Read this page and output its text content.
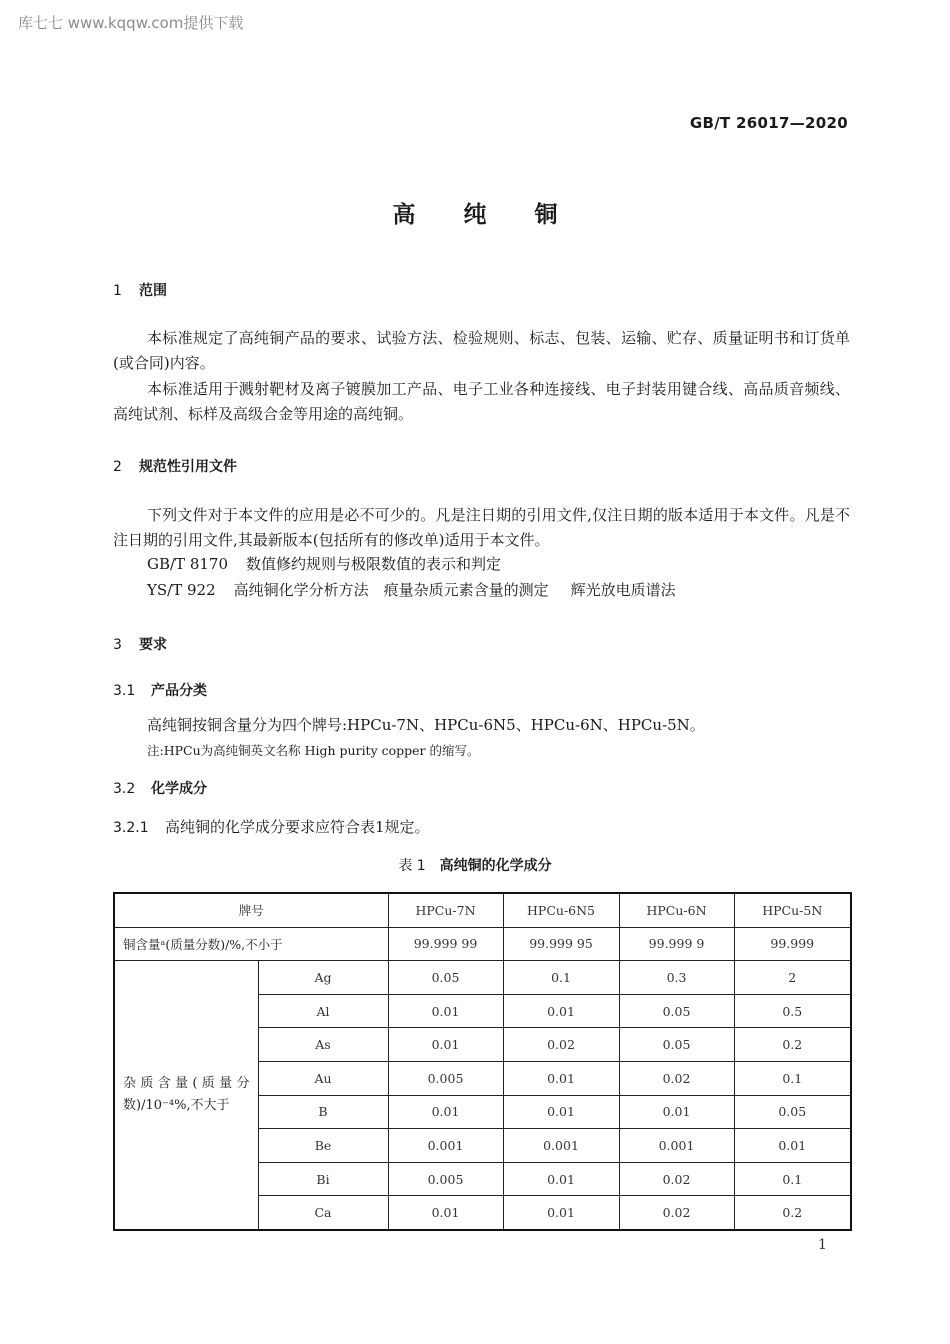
库七七 www.kqqw.com提供下载
GB/T 26017—2020
高纯铜
1 范围
本标准规定了高纯铜产品的要求、试验方法、检验规则、标志、包装、运输、贮存、质量证明书和订货单(或合同)内容。
本标准适用于溅射靶材及离子镀膜加工产品、电子工业各种连接线、电子封装用键合线、高品质音频线、高纯试剂、标样及高级合金等用途的高纯铜。
2 规范性引用文件
下列文件对于本文件的应用是必不可少的。凡是注日期的引用文件,仅注日期的版本适用于本文件。凡是不注日期的引用文件,其最新版本(包括所有的修改单)适用于本文件。
GB/T 8170 数值修约规则与极限数值的表示和判定
YS/T 922 高纯铜化学分析方法　痕量杂质元素含量的测定 辉光放电质谱法
3 要求
3.1 产品分类
高纯铜按铜含量分为四个牌号:HPCu-7N、HPCu-6N5、HPCu-6N、HPCu-5N。
注:HPCu为高纯铜英文名称 High purity copper 的缩写。
3.2 化学成分
3.2.1 高纯铜的化学成分要求应符合表1规定。
表 1 高纯铜的化学成分
牌号		HPCu-7N	HPCu-6N5	HPCu-6N	HPCu-5N
铜含量ᵃ(质量分数)/%,不小于		99.999 99	99.999 95	99.999 9	99.999
杂质含量(质量分数)/10⁻⁴%,不大于	Ag	0.05	0.1	0.3	2
	Al	0.01	0.01	0.05	0.5
	As	0.01	0.02	0.05	0.2
	Au	0.005	0.01	0.02	0.1
	B	0.01	0.01	0.01	0.05
	Be	0.001	0.001	0.001	0.01
	Bi	0.005	0.01	0.02	0.1
	Ca	0.01	0.01	0.02	0.2
1
